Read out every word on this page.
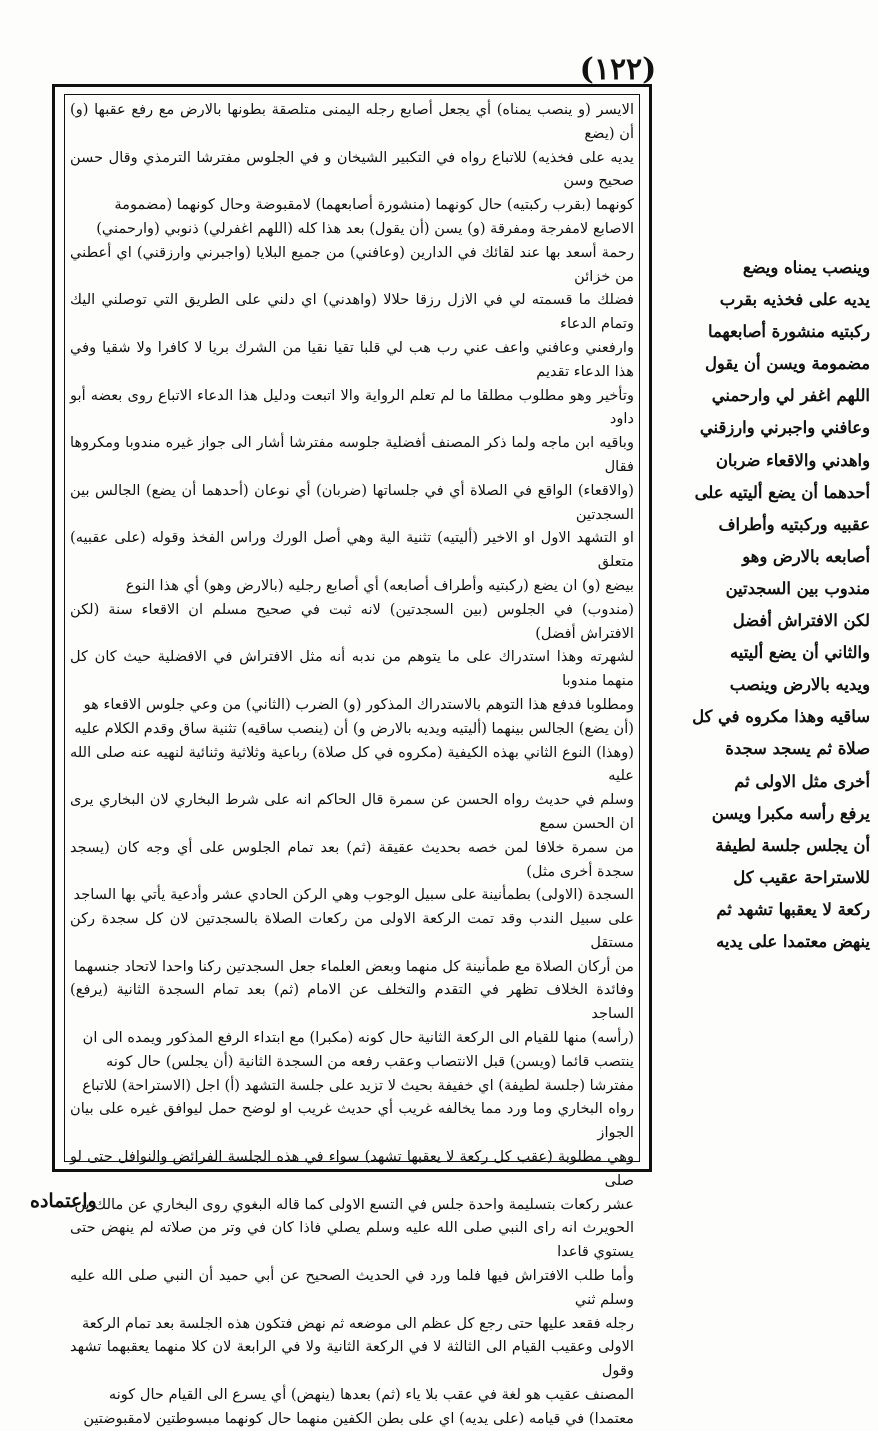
(١٢٢)

الايسر (و ينصب يمناه) أي يجعل أصابع رجله اليمنى متلصقة بطونها بالارض مع رفع عقبها (و) أن (يضع

يديه على فخذيه) للاتباع رواه في التكبير الشيخان و في الجلوس مفترشا الترمذي وقال حسن صحيح وسن

كونهما (بقرب ركبتيه) حال كونهما (منشورة أصابعهما) لامقبوضة وحال كونهما (مضمومة

الاصابع لامفرجة ومفرقة (و) يسن (أن يقول) بعد هذا كله (اللهم اغفرلي) ذنوبي (وارحمني)

رحمة أسعد بها عند لقائك في الدارين (وعافني) من جميع البلايا (واجبرني وارزقني) اي أعطني من خزائن

فضلك ما قسمته لي في الازل رزقا حلالا (واهدني) اي دلني على الطريق التي توصلني اليك وتمام الدعاء

وارفعني وعافني واعف عني رب هب لي قلبا تقيا نقيا من الشرك بريا لا كافرا ولا شقيا وفي هذا الدعاء تقديم

وتأخير وهو مطلوب مطلقا ما لم تعلم الرواية والا اتبعت ودليل هذا الدعاء الاتباع روى بعضه أبو داود

وباقيه ابن ماجه ولما ذكر المصنف أفضلية جلوسه مفترشا أشار الى جواز غيره مندوبا ومكروها فقال

(والاقعاء) الواقع في الصلاة أي في جلساتها (ضربان) أي نوعان (أحدهما أن يضع) الجالس بين السجدتين

او التشهد الاول او الاخير (أليتيه) تثنية الية وهي أصل الورك وراس الفخذ وقوله (على عقبيه) متعلق

بيضع (و) ان يضع (ركبتيه وأطراف أصابعه) أي أصابع رجليه (بالارض وهو) أي هذا النوع

(مندوب) في الجلوس (بين السجدتين) لانه ثبت في صحيح مسلم ان الاقعاء سنة (لكن الافتراش أفضل)

لشهرته وهذا استدراك على ما يتوهم من ندبه أنه مثل الافتراش في الافضلية حيث كان كل منهما مندوبا

ومطلوبا فدفع هذا التوهم بالاستدراك المذكور (و) الضرب (الثاني) من وعي جلوس الاقعاء هو

(أن يضع) الجالس بينهما (أليتيه ويديه بالارض و) أن (ينصب ساقيه) تثنية ساق وقدم الكلام عليه

(وهذا) النوع الثاني بهذه الكيفية (مكروه في كل صلاة) رباعية وثلاثية وثنائية لنهيه عنه صلى الله عليه

وسلم في حديث رواه الحسن عن سمرة قال الحاكم انه على شرط البخاري لان البخاري يرى ان الحسن سمع

من سمرة خلافا لمن خصه بحديث عقيقة (ثم) بعد تمام الجلوس على أي وجه كان (يسجد سجدة أخرى مثل)

السجدة (الاولى) بطمأنينة على سبيل الوجوب وهي الركن الحادي عشر وأدعية يأتي بها الساجد

على سبيل الندب وقد تمت الركعة الاولى من ركعات الصلاة بالسجدتين لان كل سجدة ركن مستقل

من أركان الصلاة مع طمأنينة كل منهما وبعض العلماء جعل السجدتين ركنا واحدا لاتحاد جنسهما

وفائدة الخلاف تظهر في التقدم والتخلف عن الامام (ثم) بعد تمام السجدة الثانية (يرفع) الساجد

(رأسه) منها للقيام الى الركعة الثانية حال كونه (مكبرا) مع ابتداء الرفع المذكور ويمده الى ان

ينتصب قائما (ويسن) قبل الانتصاب وعقب رفعه من السجدة الثانية (أن يجلس) حال كونه

مفترشا (جلسة لطيفة) اي خفيفة بحيث لا تزيد على جلسة التشهد (أ) اجل (الاستراحة) للاتباع

رواه البخاري وما ورد مما يخالفه غريب أي حديث غريب او لوضح حمل ليوافق غيره على بيان الجواز

وهي مطلوبة (عقب كل ركعة لا يعقبها تشهد) سواء في هذه الجلسة الفرائض والنوافل حتى لو صلى

عشر ركعات بتسليمة واحدة جلس في التسع الاولى كما قاله البغوي روى البخاري عن مالك بن

الحويرث انه راى النبي صلى الله عليه وسلم يصلي فاذا كان في وتر من صلاته لم ينهض حتى يستوي قاعدا

وأما طلب الافتراش فيها فلما ورد في الحديث الصحيح عن أبي حميد أن النبي صلى الله عليه وسلم ثني

رجله فقعد عليها حتى رجع كل عظم الى موضعه ثم نهض فتكون هذه الجلسة بعد تمام الركعة

الاولى وعقيب القيام الى الثالثة لا في الركعة الثانية ولا في الرابعة لان كلا منهما يعقبهما تشهد وقول

المصنف عقيب هو لغة في عقب بلا ياء (ثم) بعدها (ينهض) أي يسرع الى القيام حال كونه

معتمدا) في قيامه (على يديه) اي على بطن الكفين منهما حال كونهما مبسوطتين لامقبوضتين

وينصب يمناه ويضع

يديه على فخذيه بقرب

ركبتيه منشورة أصابعهما

مضمومة ويسن أن يقول

اللهم اغفر لي وارحمني

وعافني واجبرني وارزقني

واهدني والاقعاء ضربان

أحدهما أن يضع أليتيه على

عقبيه وركبتيه وأطراف

أصابعه بالارض وهو

مندوب بين السجدتين

لكن الافتراش أفضل

والثاني أن يضع أليتيه

ويديه بالارض وينصب

ساقيه وهذا مكروه في كل

صلاة ثم يسجد سجدة

أخرى مثل الاولى ثم

يرفع رأسه مكبرا ويسن

أن يجلس جلسة لطيفة

للاستراحة عقيب كل

ركعة لا يعقبها تشهد ثم

ينهض معتمدا على يديه

واعتماده
